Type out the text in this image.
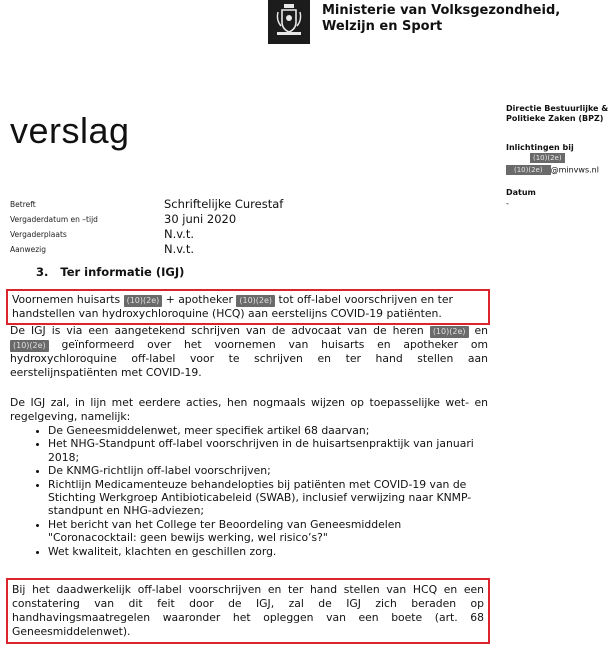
Ministerie van Volksgezondheid,
Welzijn en Sport
verslag
Directie Bestuurlijke &
Politieke Zaken (BPZ)
Inlichtingen bij
(10)(2e)
(10)(2e) @minvws.nl
Datum
-
Betreft	Schriftelijke Curestaf
Vergaderdatum en –tijd	30 juni 2020
Vergaderplaats	N.v.t.
Aanwezig	N.v.t.
3.   Ter informatie (IGJ)
Voornemen huisarts (10)(2e) + apotheker (10)(2e) tot off-label voorschrijven en ter handstellen van hydroxychloroquine (HCQ) aan eerstelijns COVID-19 patiënten.
De IGJ is via een aangetekend schrijven van de advocaat van de heren (10)(2e) en (10)(2e) geïnformeerd over het voornemen van huisarts en apotheker om hydroxychloroquine off-label voor te schrijven en ter hand stellen aan eerstelijnspatiënten met COVID-19.
De IGJ zal, in lijn met eerdere acties, hen nogmaals wijzen op toepasselijke wet- en regelgeving, namelijk:
• De Geneesmiddelenwet, meer specifiek artikel 68 daarvan;
• Het NHG-Standpunt off-label voorschrijven in de huisartsenpraktijk van januari 2018;
• De KNMG-richtlijn off-label voorschrijven;
• Richtlijn Medicamenteuze behandelopties bij patiënten met COVID-19 van de Stichting Werkgroep Antibioticabeleid (SWAB), inclusief verwijzing naar KNMP-standpunt en NHG-adviezen;
• Het bericht van het College ter Beoordeling van Geneesmiddelen "Coronacocktail: geen bewijs werking, wel risico’s?"
• Wet kwaliteit, klachten en geschillen zorg.
Bij het daadwerkelijk off-label voorschrijven en ter hand stellen van HCQ en een constatering van dit feit door de IGJ, zal de IGJ zich beraden op handhavingsmaatregelen waaronder het opleggen van een boete (art. 68 Geneesmiddelenwet).
